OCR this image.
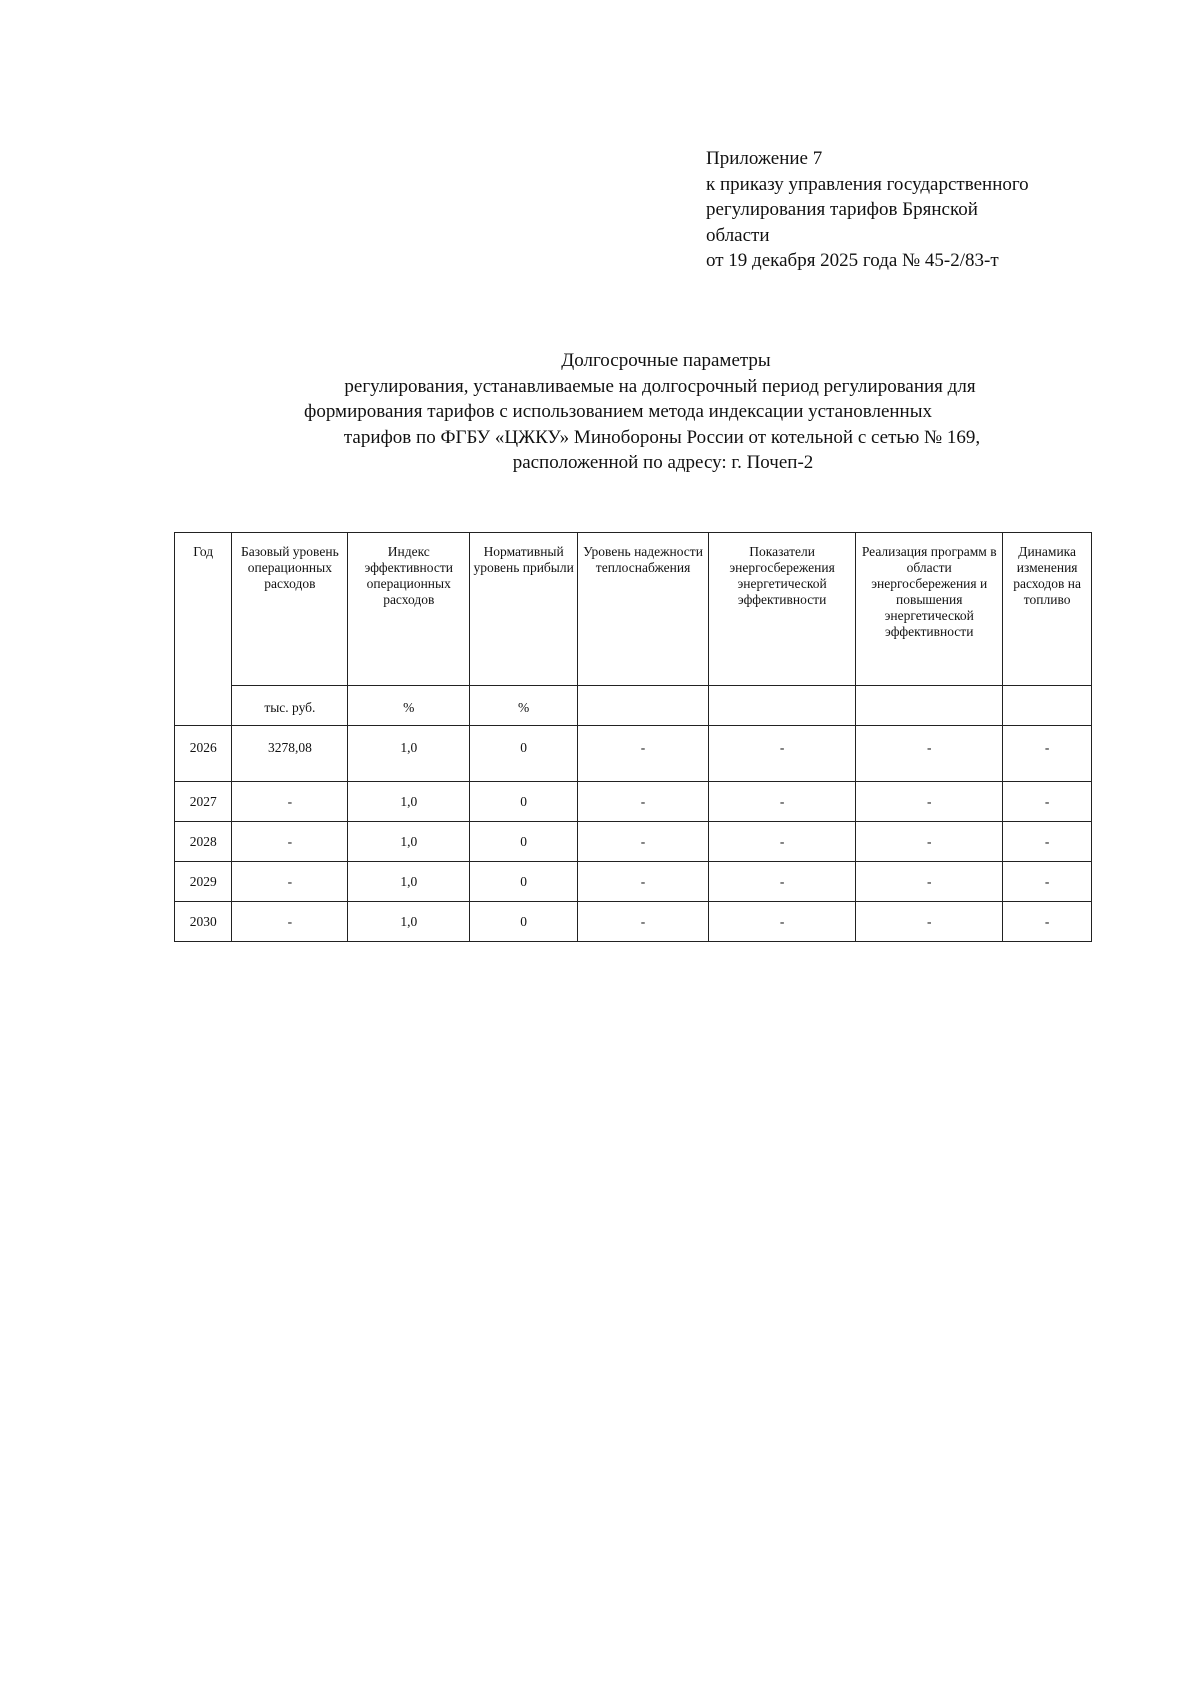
Приложение 7
к приказу управления государственного
регулирования тарифов Брянской
области
от 19 декабря 2025 года № 45-2/83-т
Долгосрочные параметры
регулирования, устанавливаемые на долгосрочный период регулирования для
формирования тарифов с использованием метода индексации установленных
тарифов по ФГБУ «ЦЖКУ» Минобороны России от котельной с сетью № 169,
расположенной по адресу: г. Почеп-2
Год	Базовый уровень операционных расходов	Индекс эффективности операционных расходов	Нормативный уровень прибыли	Уровень надежности теплоснабжения	Показатели энергосбережения энергетической эффективности	Реализация программ в области энергосбережения и повышения энергетической эффективности	Динамика изменения расходов на топливо
	тыс. руб.	%	%				
2026	3278,08	1,0	0	-	-	-	-
2027	-	1,0	0	-	-	-	-
2028	-	1,0	0	-	-	-	-
2029	-	1,0	0	-	-	-	-
2030	-	1,0	0	-	-	-	-
